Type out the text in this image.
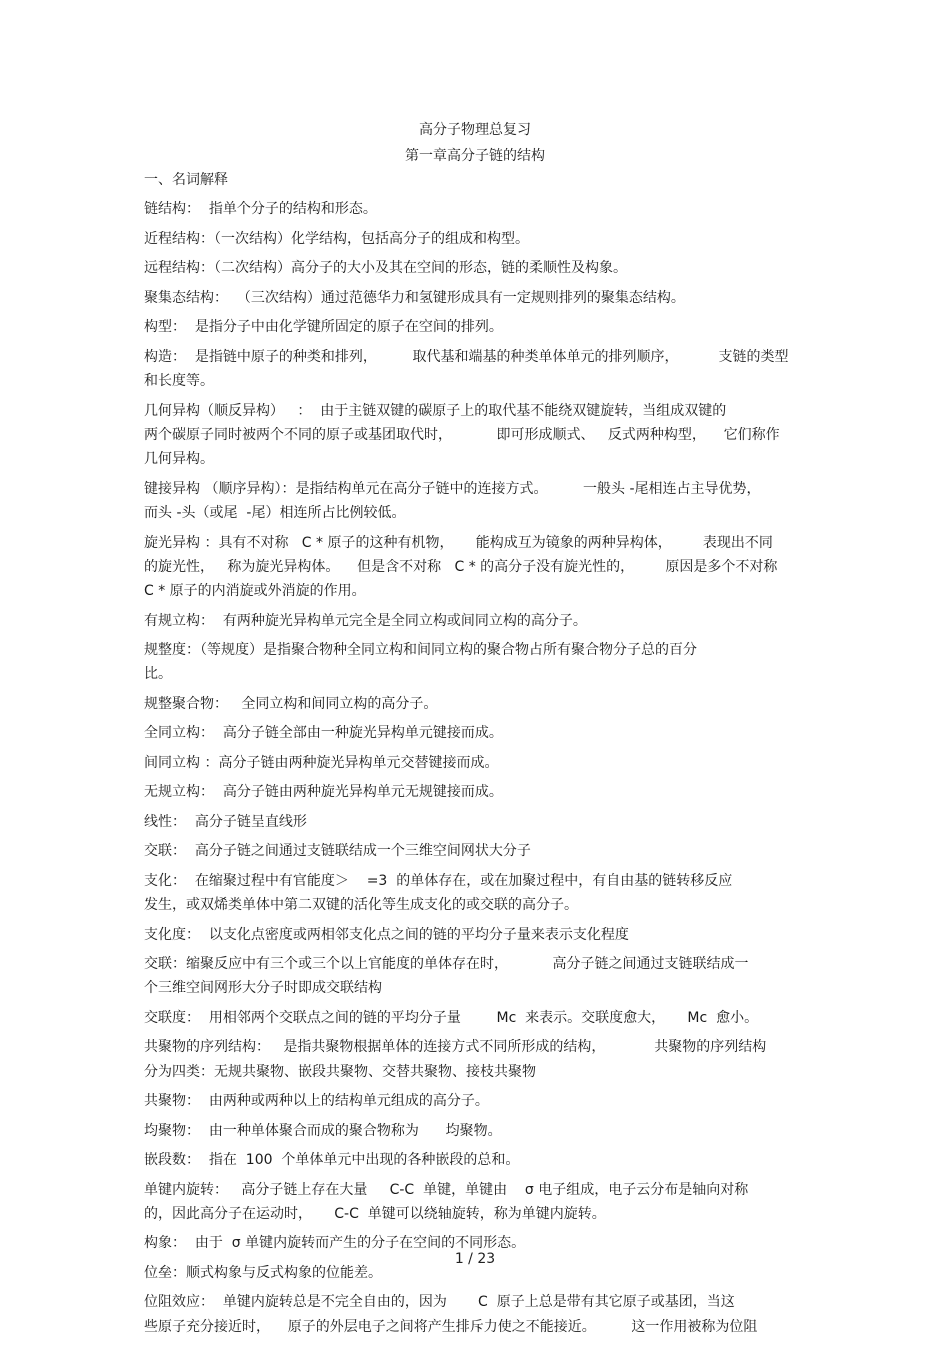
高分子物理总复习
第一章高分子链的结构
一、名词解释
链结构：  指单个分子的结构和形态。
近程结构：（一次结构）化学结构，包括高分子的组成和构型。
远程结构：（二次结构）高分子的大小及其在空间的形态，链的柔顺性及构象。
聚集态结构：  （三次结构）通过范德华力和氢键形成具有一定规则排列的聚集态结构。
构型：  是指分子中由化学键所固定的原子在空间的排列。
构造：  是指链中原子的种类和排列，        取代基和端基的种类单体单元的排列顺序，         支链的类型
和长度等。
几何异构（顺反异构）   ：  由于主链双键的碳原子上的取代基不能绕双键旋转，当组成双键的
两个碳原子同时被两个不同的原子或基团取代时，          即可形成顺式、   反式两种构型，    它们称作
几何异构。
键接异构 （顺序异构）：是指结构单元在高分子链中的连接方式。        一般头 -尾相连占主导优势，
而头 -头（或尾  -尾）相连所占比例较低。
旋光异构 ：具有不对称   C * 原子的这种有机物，     能构成互为镜象的两种异构体，       表现出不同
的旋光性，   称为旋光异构体。    但是含不对称   C * 的高分子没有旋光性的，       原因是多个不对称
C * 原子的内消旋或外消旋的作用。
有规立构：  有两种旋光异构单元完全是全同立构或间同立构的高分子。
规整度：（等规度）是指聚合物种全同立构和间同立构的聚合物占所有聚合物分子总的百分
比。
规整聚合物：   全同立构和间同立构的高分子。
全同立构：  高分子链全部由一种旋光异构单元键接而成。
间同立构 ：高分子链由两种旋光异构单元交替键接而成。
无规立构：  高分子链由两种旋光异构单元无规键接而成。
线性：  高分子链呈直线形
交联：  高分子链之间通过支链联结成一个三维空间网状大分子
支化：  在缩聚过程中有官能度＞    =3  的单体存在，或在加聚过程中，有自由基的链转移反应
发生，或双烯类单体中第二双键的活化等生成支化的或交联的高分子。
支化度：  以支化点密度或两相邻支化点之间的链的平均分子量来表示支化程度
交联：缩聚反应中有三个或三个以上官能度的单体存在时，          高分子链之间通过支链联结成一
个三维空间网形大分子时即成交联结构
交联度：  用相邻两个交联点之间的链的平均分子量        Mc  来表示。交联度愈大，     Mc  愈小。
共聚物的序列结构：   是指共聚物根据单体的连接方式不同所形成的结构，           共聚物的序列结构
分为四类：无规共聚物、嵌段共聚物、交替共聚物、接枝共聚物
共聚物：  由两种或两种以上的结构单元组成的高分子。
均聚物：  由一种单体聚合而成的聚合物称为      均聚物。
嵌段数：  指在  100  个单体单元中出现的各种嵌段的总和。
单键内旋转：   高分子链上存在大量     C-C  单键，单键由    σ 电子组成，电子云分布是轴向对称
的，因此高分子在运动时，     C-C  单键可以绕轴旋转，称为单键内旋转。
构象：  由于  σ 单键内旋转而产生的分子在空间的不同形态。
位垒：顺式构象与反式构象的位能差。
位阻效应：  单键内旋转总是不完全自由的，因为       C  原子上总是带有其它原子或基团，当这
些原子充分接近时，    原子的外层电子之间将产生排斥力使之不能接近。        这一作用被称为位阻
1 / 23
